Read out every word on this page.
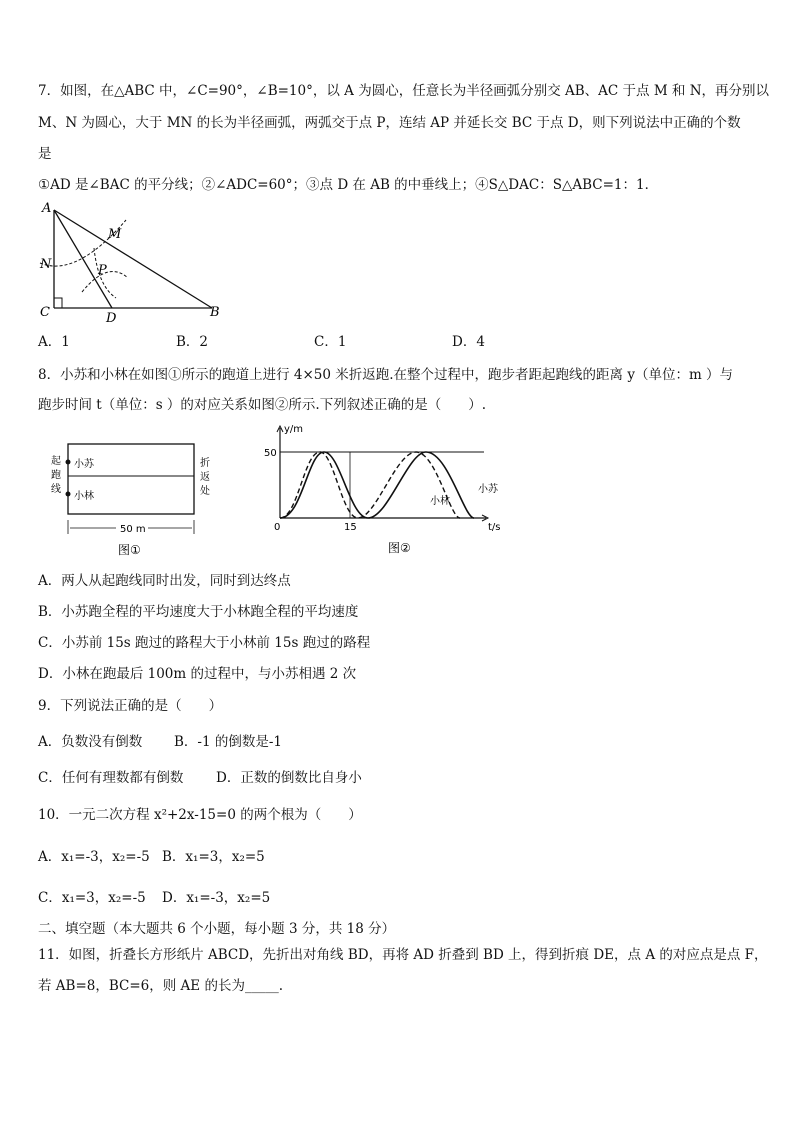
7．如图，在△ABC 中，∠C=90°，∠B=10°，以 A 为圆心，任意长为半径画弧分别交 AB、AC 于点 M 和 N，再分别以
M、N 为圆心，大于 MN 的长为半径画弧，两弧交于点 P，连结 AP 并延长交 BC 于点 D，则下列说法中正确的个数
是
①AD 是∠BAC 的平分线；②∠ADC=60°；③点 D 在 AB 的中垂线上；④S△DAC：S△ABC=1：1．
A
M
N	P
C	D	B
A．1	B．2	C．1	D．4
8．小苏和小林在如图①所示的跑道上进行 4×50 米折返跑.在整个过程中，跑步者距起跑线的距离 y（单位：m ）与
跑步时间 t（单位：s ）的对应关系如图②所示.下列叙述正确的是（　　）.
小苏
小林
起
跑
线
折
返
处
50 m
图①
y/m
t/s
50
15
0
小林
小苏
图②
A．两人从起跑线同时出发，同时到达终点
B．小苏跑全程的平均速度大于小林跑全程的平均速度
C．小苏前 15s 跑过的路程大于小林前 15s 跑过的路程
D．小林在跑最后 100m 的过程中，与小苏相遇 2 次
9．下列说法正确的是（　　）
A．负数没有倒数 B．-1 的倒数是-1
C．任何有理数都有倒数 D．正数的倒数比自身小
10．一元二次方程 x²+2x-15=0 的两个根为（　　）
A．x₁=-3，x₂=-5 B．x₁=3，x₂=5
C．x₁=3，x₂=-5 D．x₁=-3，x₂=5
二、填空题（本大题共 6 个小题，每小题 3 分，共 18 分）
11．如图，折叠长方形纸片 ABCD，先折出对角线 BD，再将 AD 折叠到 BD 上，得到折痕 DE，点 A 的对应点是点 F，
若 AB=8，BC=6，则 AE 的长为_____.
